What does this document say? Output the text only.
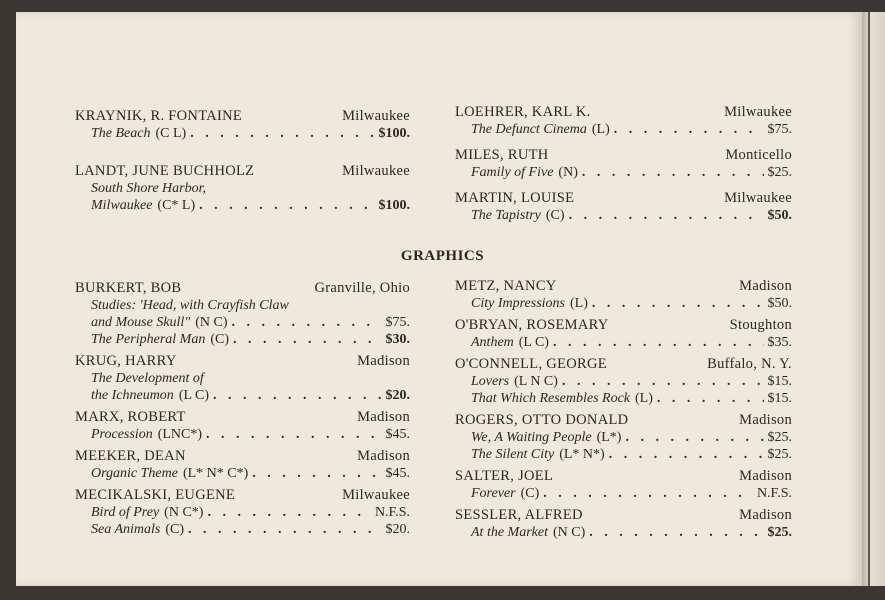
KRAYNIK, R. FONTAINE	Milwaukee
The Beach (C L) . . .	$100.
LANDT, JUNE BUCHHOLZ	Milwaukee
South Shore Harbor,
Milwaukee (C* L) . . .	$100.
LOEHRER, KARL K.	Milwaukee
The Defunct Cinema (L) . . .	$75.
MILES, RUTH	Monticello
Family of Five (N) . . .	$25.
MARTIN, LOUISE	Milwaukee
The Tapistry (C) . . .	$50.
GRAPHICS
BURKERT, BOB	Granville, Ohio
Studies: 'Head, with Crayfish Claw
and Mouse Skull" (N C) . . .	$75.
The Peripheral Man (C) . . .	$30.
KRUG, HARRY	Madison
The Development of
the Ichneumon (L C) . . .	$20.
MARX, ROBERT	Madison
Procession (LNC*) . . .	$45.
MEEKER, DEAN	Madison
Organic Theme (L* N* C*) . . .	$45.
MECIKALSKI, EUGENE	Milwaukee
Bird of Prey (N C*) . . .	N.F.S.
Sea Animals (C) . . .	$20.
METZ, NANCY	Madison
City Impressions (L) . . .	$50.
O'BRYAN, ROSEMARY	Stoughton
Anthem (L C) . . .	$35.
O'CONNELL, GEORGE	Buffalo, N. Y.
Lovers (L N C) . . .	$15.
That Which Resembles Rock (L) . . .	$15.
ROGERS, OTTO DONALD	Madison
We, A Waiting People (L*) . . .	$25.
The Silent City (L* N*) . . .	$25.
SALTER, JOEL	Madison
Forever (C) . . .	N.F.S.
SESSLER, ALFRED	Madison
At the Market (N C) . . .	$25.
